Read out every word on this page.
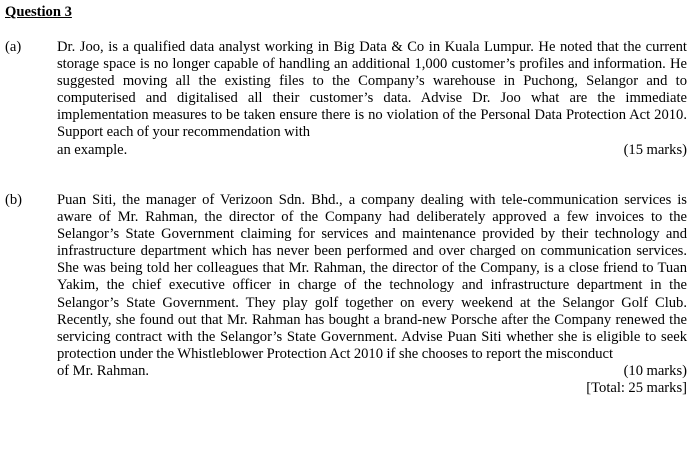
Question 3

(a) Dr. Joo, is a qualified data analyst working in Big Data & Co in Kuala Lumpur. He noted that the current storage space is no longer capable of handling an additional 1,000 customer’s profiles and information. He suggested moving all the existing files to the Company’s warehouse in Puchong, Selangor and to computerised and digitalised all their customer’s data. Advise Dr. Joo what are the immediate implementation measures to be taken ensure there is no violation of the Personal Data Protection Act 2010. Support each of your recommendation with
an example.	(15 marks)
(b) Puan Siti, the manager of Verizoon Sdn. Bhd., a company dealing with tele-communication services is aware of Mr. Rahman, the director of the Company had deliberately approved a few invoices to the Selangor’s State Government claiming for services and maintenance provided by their technology and infrastructure department which has never been performed and over charged on communication services. She was being told her colleagues that Mr. Rahman, the director of the Company, is a close friend to Tuan Yakim, the chief executive officer in charge of the technology and infrastructure department in the Selangor’s State Government. They play golf together on every weekend at the Selangor Golf Club. Recently, she found out that Mr. Rahman has bought a brand-new Porsche after the Company renewed the servicing contract with the Selangor’s State Government. Advise Puan Siti whether she is eligible to seek protection under the Whistleblower Protection Act 2010 if she chooses to report the misconduct
of Mr. Rahman.	(10 marks)
[Total: 25 marks]
